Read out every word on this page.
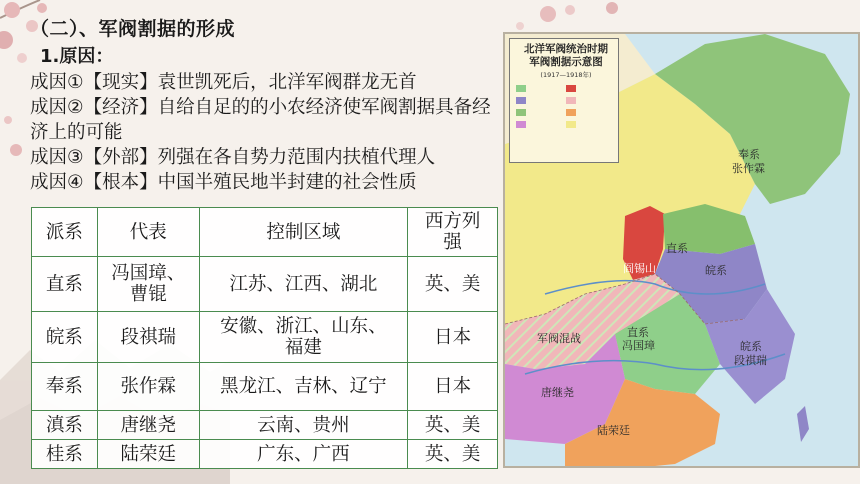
（二）、军阀割据的形成
1.原因：
成因①【现实】袁世凯死后，北洋军阀群龙无首
成因②【经济】自给自足的的小农经济使军阀割据具备经济上的可能
成因③【外部】列强在各自势力范围内扶植代理人
成因④【根本】中国半殖民地半封建的社会性质
派系	代表	控制区域	西方列强
直系	冯国璋、曹锟	江苏、江西、湖北	英、美
皖系	段祺瑞	安徽、浙江、山东、福建	日本
奉系	张作霖	黑龙江、吉林、辽宁	日本
滇系	唐继尧	云南、贵州	英、美
桂系	陆荣廷	广东、广西	英、美
北洋军阀统治时期
军阀割据示意图
(1917—1918年)
奉系
张作霖
阎锡山
直系
皖系
军阀混战	直系
冯国璋	皖系
段祺瑞
唐继尧
陆荣廷
